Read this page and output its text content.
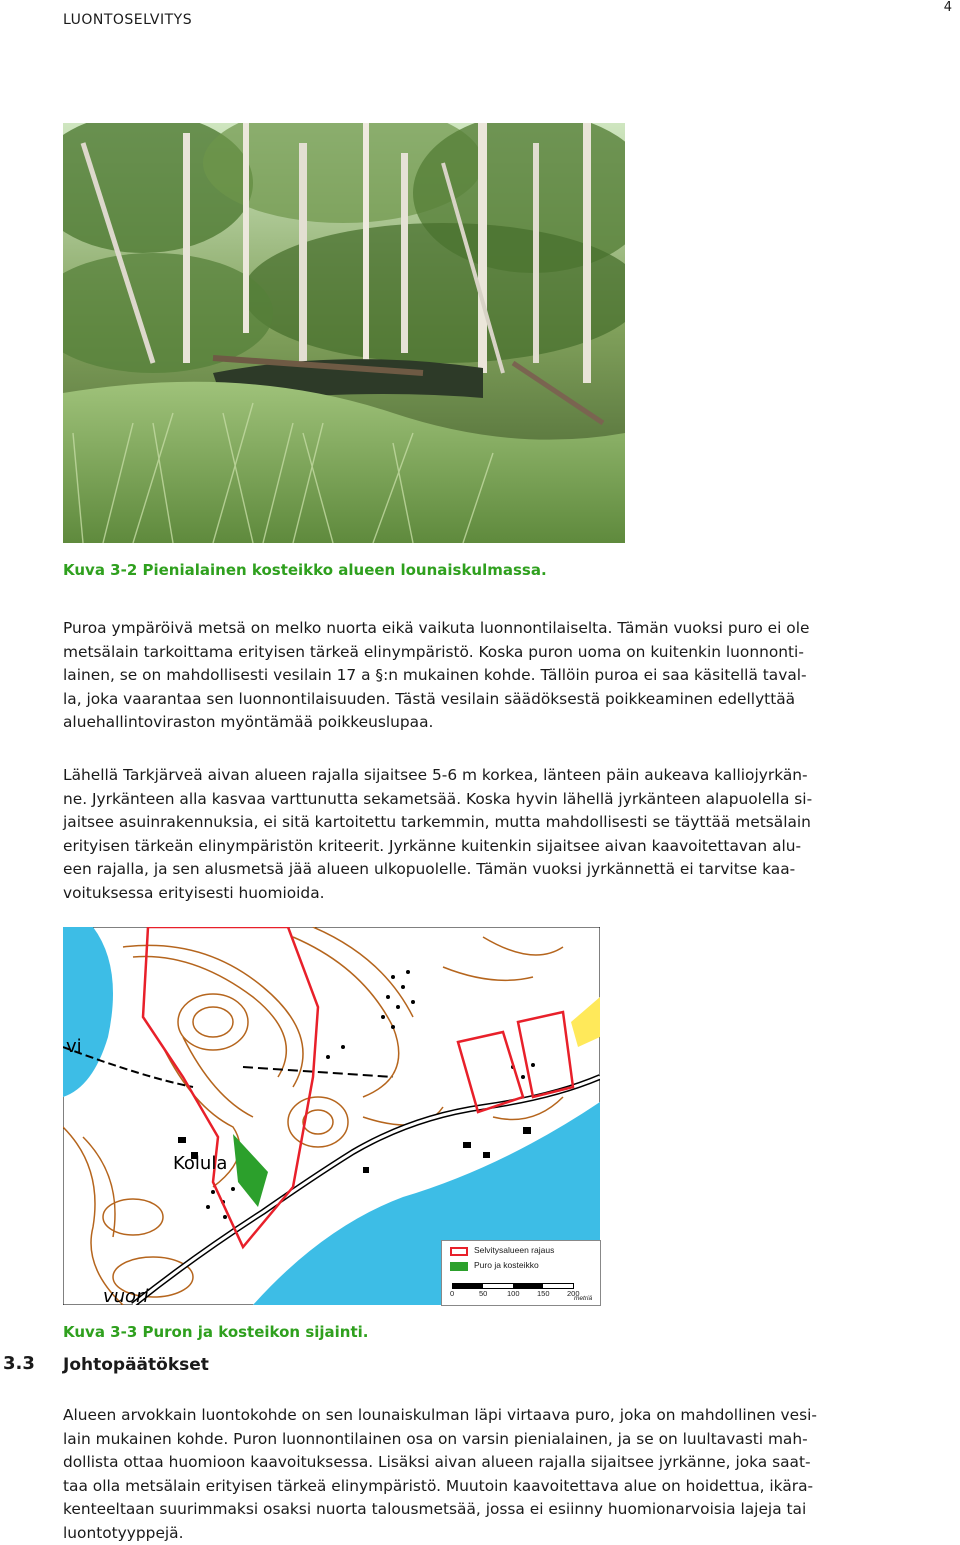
LUONTOSELVITYS
4
Kuva 3-2 Pienialainen kosteikko alueen lounaiskulmassa.

Puroa ympäröivä metsä on melko nuorta eikä vaikuta luonnontilaiselta. Tämän vuoksi puro ei ole
metsälain tarkoittama erityisen tärkeä elinympäristö. Koska puron uoma on kuitenkin luonnonti-
lainen, se on mahdollisesti vesilain 17 a §:n mukainen kohde. Tällöin puroa ei saa käsitellä taval-
la, joka vaarantaa sen luonnontilaisuuden. Tästä vesilain säädöksestä poikkeaminen edellyttää
aluehallintoviraston myöntämää poikkeuslupaa.

Lähellä Tarkjärveä aivan alueen rajalla sijaitsee 5-6 m korkea, länteen päin aukeava kalliojyrkän-
ne. Jyrkänteen alla kasvaa varttunutta sekametsää. Koska hyvin lähellä jyrkänteen alapuolella si-
jaitsee asuinrakennuksia, ei sitä kartoitettu tarkemmin, mutta mahdollisesti se täyttää metsälain
erityisen tärkeän elinympäristön kriteerit. Jyrkänne kuitenkin sijaitsee aivan kaavoitettavan alu-
een rajalla, ja sen alusmetsä jää alueen ulkopuolelle. Tämän vuoksi jyrkännettä ei tarvitse kaa-
voituksessa erityisesti huomioida.

vi
Kolula
vuori
Selvitysalueen rajaus
Puro ja kosteikko
0	50	100 150 200
metriä
Kuva 3-3 Puron ja kosteikon sijainti.
3.3 Johtopäätökset

Alueen arvokkain luontokohde on sen lounaiskulman läpi virtaava puro, joka on mahdollinen vesi-
lain mukainen kohde. Puron luonnontilainen osa on varsin pienialainen, ja se on luultavasti mah-
dollista ottaa huomioon kaavoituksessa. Lisäksi aivan alueen rajalla sijaitsee jyrkänne, joka saat-
taa olla metsälain erityisen tärkeä elinympäristö. Muutoin kaavoitettava alue on hoidettua, ikära-
kenteeltaan suurimmaksi osaksi nuorta talousmetsää, jossa ei esiinny huomionarvoisia lajeja tai
luontotyyppejä.
